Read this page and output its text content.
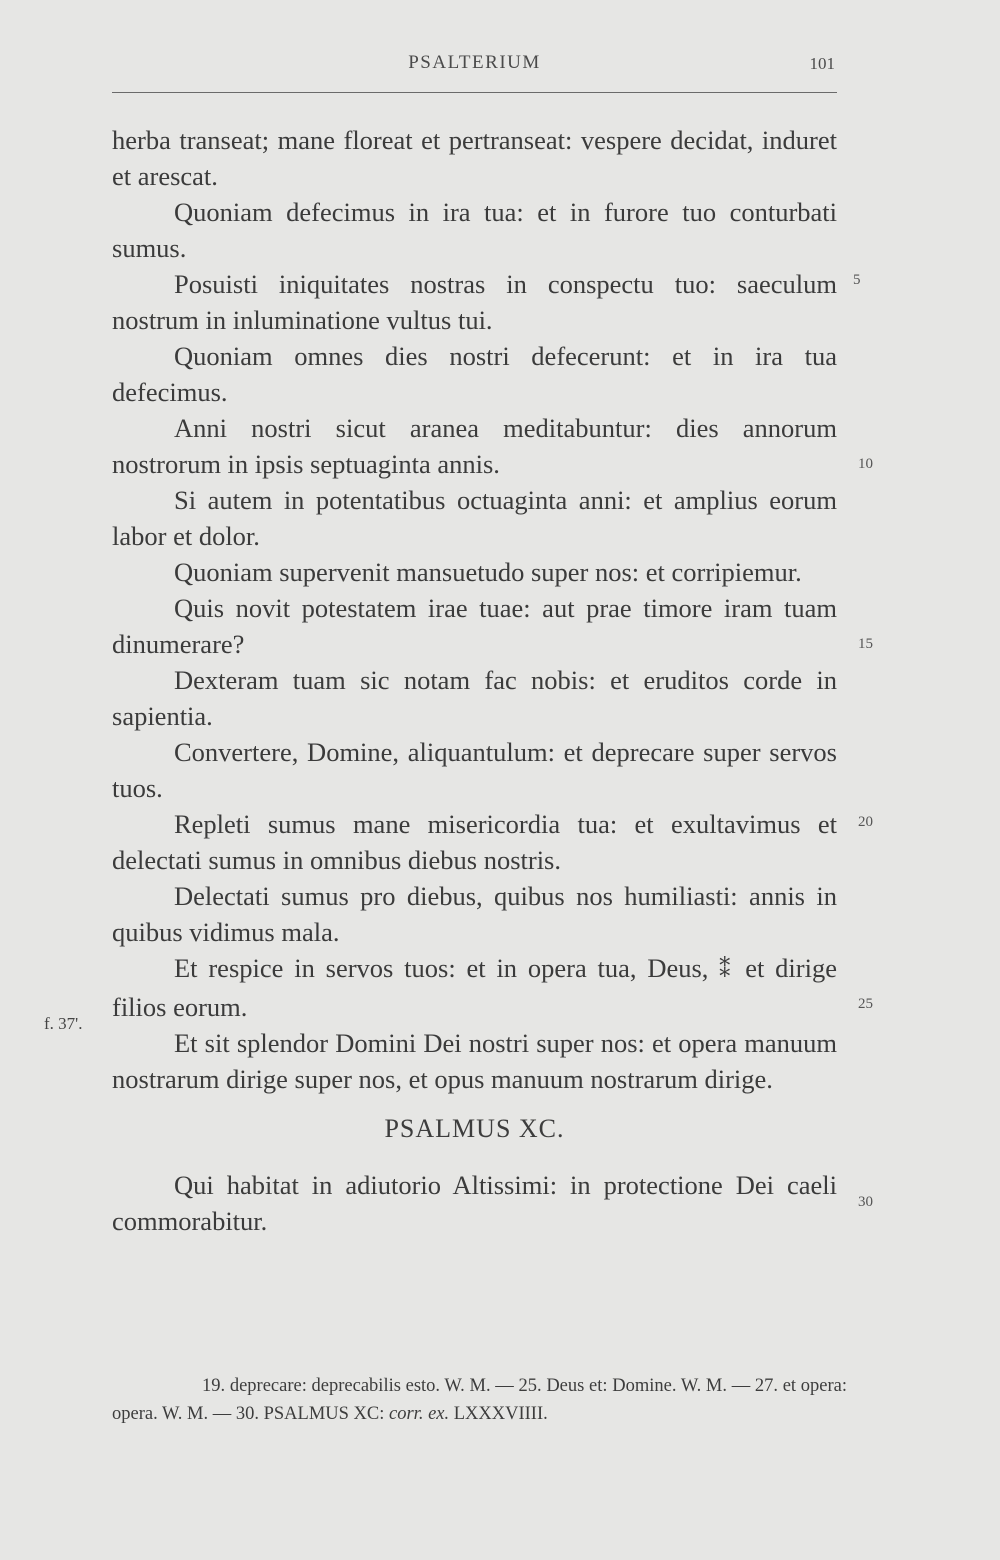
PSALTERIUM	101
f. 37'.
5
10
15
20
25
30

herba transeat; mane floreat et pertranseat: vespere decidat, induret et arescat.

Quoniam defecimus in ira tua: et in furore tuo conturbati sumus.

Posuisti iniquitates nostras in conspectu tuo: saeculum nostrum in inluminatione vultus tui.

Quoniam omnes dies nostri defecerunt: et in ira tua defecimus.

Anni nostri sicut aranea meditabuntur: dies annorum nostrorum in ipsis septuaginta annis.

Si autem in potentatibus octuaginta anni: et amplius eorum labor et dolor.

Quoniam supervenit mansuetudo super nos: et corripiemur.

Quis novit potestatem irae tuae: aut prae timore iram tuam dinumerare?

Dexteram tuam sic notam fac nobis: et eruditos corde in sapientia.

Convertere, Domine, aliquantulum: et deprecare super servos tuos.

Repleti sumus mane misericordia tua: et exultavimus et delectati sumus in omnibus diebus nostris.

Delectati sumus pro diebus, quibus nos humiliasti: annis in quibus vidimus mala.

Et respice in servos tuos: et in opera tua, Deus, ⁑ et dirige filios eorum.

Et sit splendor Domini Dei nostri super nos: et opera manuum nostrarum dirige super nos, et opus manuum nostrarum dirige.

PSALMUS XC.

Qui habitat in adiutorio Altissimi: in protectione Dei caeli commorabitur.

19. deprecare: deprecabilis esto. W. M. — 25. Deus et: Domine. W. M. — 27. et opera: opera. W. M. — 30. PSALMUS XC: corr. ex. LXXXVIIII.
